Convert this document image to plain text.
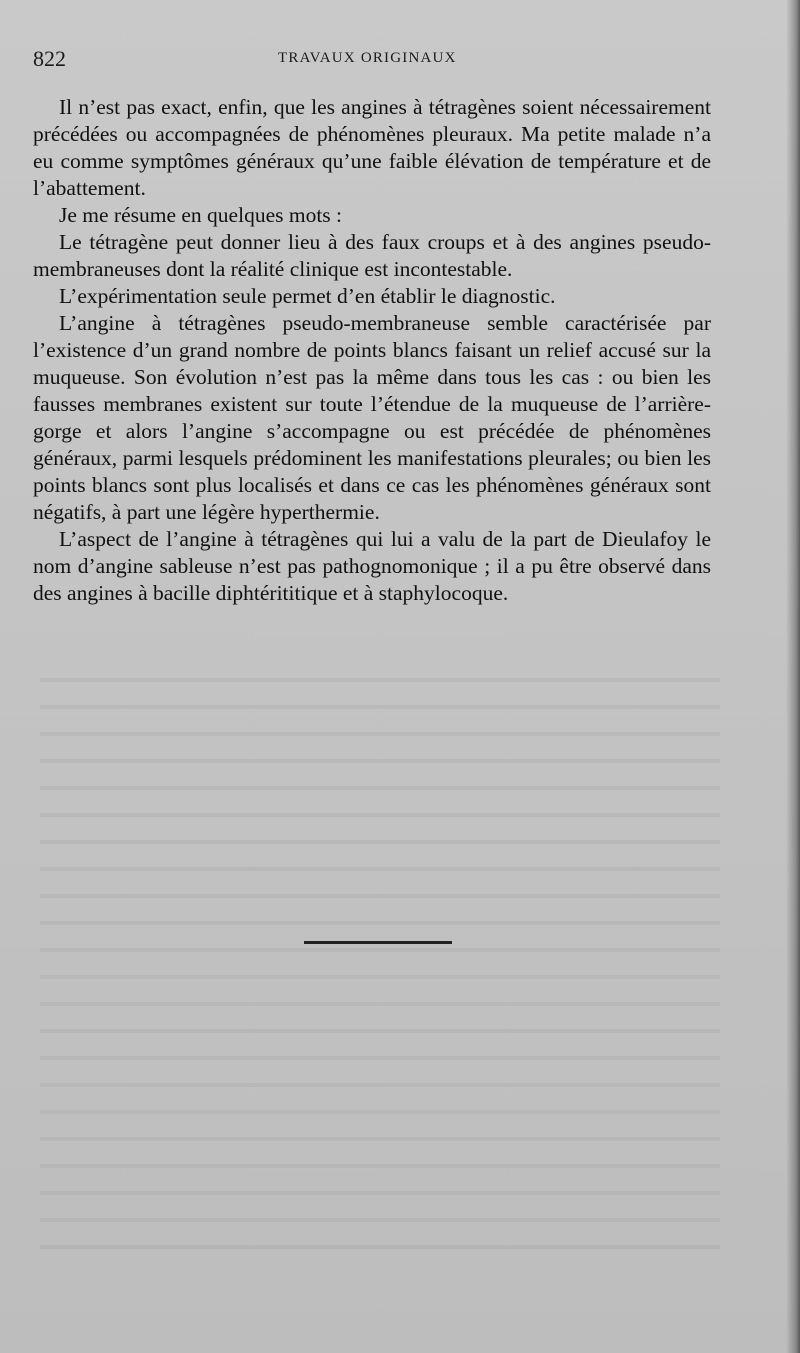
822	TRAVAUX ORIGINAUX

Il n’est pas exact, enfin, que les angines à tétragènes soient nécessairement précédées ou accompagnées de phénomènes pleuraux. Ma petite malade n’a eu comme symptômes généraux qu’une faible élévation de température et de l’abattement.

Je me résume en quelques mots :

Le tétragène peut donner lieu à des faux croups et à des angines pseudo-membraneuses dont la réalité clinique est incontestable.

L’expérimentation seule permet d’en établir le diagnostic.

L’angine à tétragènes pseudo-membraneuse semble caractérisée par l’existence d’un grand nombre de points blancs faisant un relief accusé sur la muqueuse. Son évolution n’est pas la même dans tous les cas : ou bien les fausses membranes existent sur toute l’étendue de la muqueuse de l’arrière-gorge et alors l’angine s’accompagne ou est précédée de phénomènes généraux, parmi lesquels prédominent les manifestations pleurales; ou bien les points blancs sont plus localisés et dans ce cas les phénomènes généraux sont négatifs, à part une légère hyperthermie.

L’aspect de l’angine à tétragènes qui lui a valu de la part de Dieulafoy le nom d’angine sableuse n’est pas pathognomonique ; il a pu être observé dans des angines à bacille diphtérititique et à staphylocoque.
